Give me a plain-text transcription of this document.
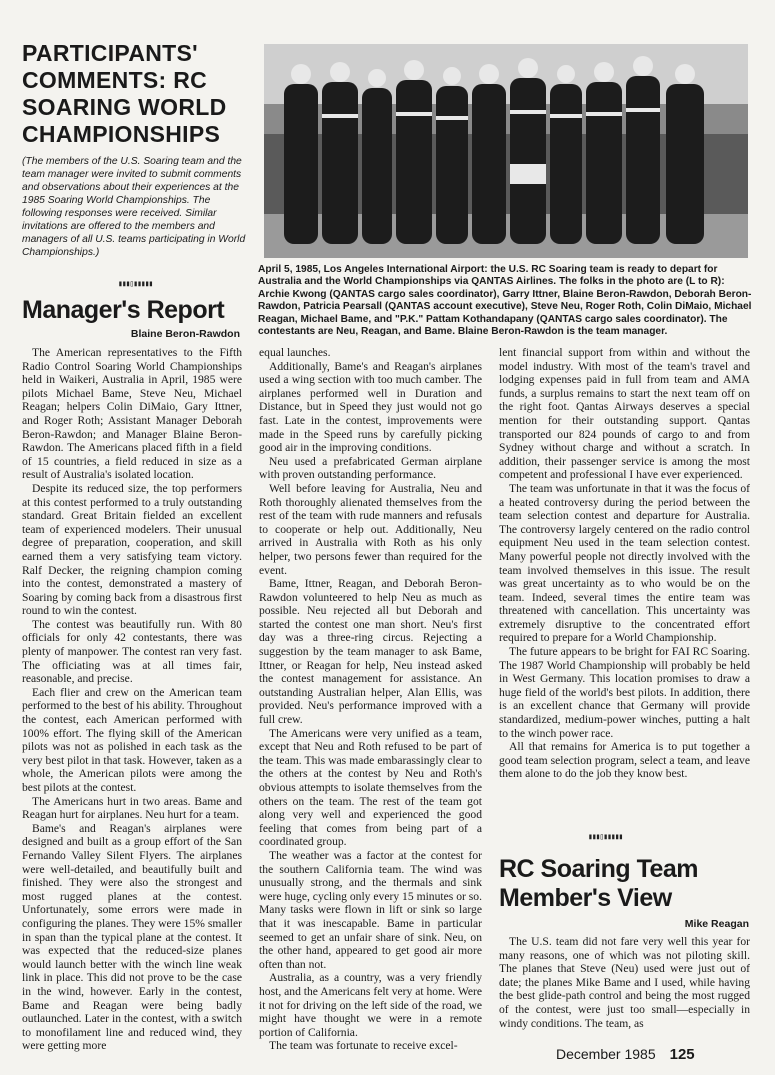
PARTICIPANTS' COMMENTS: RC SOARING WORLD CHAMPIONSHIPS
(The members of the U.S. Soaring team and the team manager were invited to submit comments and observations about their experiences at the 1985 Soaring World Championships. The following responses were received. Similar invitations are offered to the members and managers of all U.S. teams participating in World Championships.)
▮▮▮▯▮▮▮▮▮
April 5, 1985, Los Angeles International Airport: the U.S. RC Soaring team is ready to depart for Australia and the World Championships via QANTAS Airlines. The folks in the photo are (L to R): Archie Kwong (QANTAS cargo sales coordinator), Garry Ittner, Blaine Beron-Rawdon, Deborah Beron-Rawdon, Patricia Pearsall (QANTAS account executive), Steve Neu, Roger Roth, Colin DiMaio, Michael Reagan, Michael Bame, and "P.K." Pattam Kothandapany (QANTAS cargo sales coordinator). The contestants are Neu, Reagan, and Bame. Blaine Beron-Rawdon is the team manager.
Manager's Report
Blaine Beron-Rawdon

The American representatives to the Fifth Radio Control Soaring World Championships held in Waikeri, Australia in April, 1985 were pilots Michael Bame, Steve Neu, Michael Reagan; helpers Colin DiMaio, Gary Ittner, and Roger Roth; Assistant Manager Deborah Beron-Rawdon; and Manager Blaine Beron-Rawdon. The Americans placed fifth in a field of 15 countries, a field reduced in size as a result of Australia's isolated location.

Despite its reduced size, the top performers at this contest performed to a truly outstanding standard. Great Britain fielded an excellent team of experienced modelers. Their unusual degree of preparation, cooperation, and skill earned them a very satisfying team victory. Ralf Decker, the reigning champion coming into the contest, demonstrated a mastery of Soaring by coming back from a disastrous first round to win the contest.

The contest was beautifully run. With 80 officials for only 42 contestants, there was plenty of manpower. The contest ran very fast. The officiating was at all times fair, reasonable, and precise.

Each flier and crew on the American team performed to the best of his ability. Throughout the contest, each American performed with 100% effort. The flying skill of the American pilots was not as polished in each task as the very best pilot in that task. However, taken as a whole, the American pilots were among the best pilots at the contest.

The Americans hurt in two areas. Bame and Reagan hurt for airplanes. Neu hurt for a team.

Bame's and Reagan's airplanes were designed and built as a group effort of the San Fernando Valley Silent Flyers. The airplanes were well-detailed, and beautifully built and finished. They were also the strongest and most rugged planes at the contest. Unfortunately, some errors were made in configuring the planes. They were 15% smaller in span than the typical plane at the contest. It was expected that the reduced-size planes would launch better with the winch line weak link in place. This did not prove to be the case in the wind, however. Early in the contest, Bame and Reagan were being badly outlaunched. Later in the contest, with a switch to monofilament line and reduced wind, they were getting more

equal launches.

Additionally, Bame's and Reagan's airplanes used a wing section with too much camber. The airplanes performed well in Duration and Distance, but in Speed they just would not go fast. Late in the contest, improvements were made in the Speed runs by carefully picking good air in the improving conditions.

Neu used a prefabricated German airplane with proven outstanding performance.

Well before leaving for Australia, Neu and Roth thoroughly alienated themselves from the rest of the team with rude manners and refusals to cooperate or help out. Additionally, Neu arrived in Australia with Roth as his only helper, two persons fewer than required for the event.

Bame, Ittner, Reagan, and Deborah Beron-Rawdon volunteered to help Neu as much as possible. Neu rejected all but Deborah and started the contest one man short. Neu's first day was a three-ring circus. Rejecting a suggestion by the team manager to ask Bame, Ittner, or Reagan for help, Neu instead asked the contest management for assistance. An outstanding Australian helper, Alan Ellis, was provided. Neu's performance improved with a full crew.

The Americans were very unified as a team, except that Neu and Roth refused to be part of the team. This was made embarassingly clear to the others at the contest by Neu and Roth's obvious attempts to isolate themselves from the others on the team. The rest of the team got along very well and experienced the good feeling that comes from being part of a coordinated group.

The weather was a factor at the contest for the southern California team. The wind was unusually strong, and the thermals and sink were huge, cycling only every 15 minutes or so. Many tasks were flown in lift or sink so large that it was inescapable. Bame in particular seemed to get an unfair share of sink. Neu, on the other hand, appeared to get good air more often than not.

Australia, as a country, was a very friendly host, and the Americans felt very at home. Were it not for driving on the left side of the road, we might have thought we were in a remote portion of California.

The team was fortunate to receive excel-

lent financial support from within and without the model industry. With most of the team's travel and lodging expenses paid in full from team and AMA funds, a surplus remains to start the next team off on the right foot. Qantas Airways deserves a special mention for their outstanding support. Qantas transported our 824 pounds of cargo to and from Sydney without charge and without a scratch. In addition, their passenger service is among the most competent and professional I have ever experienced.

The team was unfortunate in that it was the focus of a heated controversy during the period between the team selection contest and departure for Australia. The controversy largely centered on the radio control equipment Neu used in the team selection contest. Many powerful people not directly involved with the team involved themselves in this issue. The result was great uncertainty as to who would be on the team. Indeed, several times the entire team was threatened with cancellation. This uncertainty was extremely disruptive to the concentrated effort required to prepare for a World Championship.

The future appears to be bright for FAI RC Soaring. The 1987 World Championship will probably be held in West Germany. This location promises to draw a huge field of the world's best pilots. In addition, there is an excellent chance that Germany will provide standardized, medium-power winches, putting a halt to the winch power race.

All that remains for America is to put together a good team selection program, select a team, and leave them alone to do the job they know best.

▮▮▮▯▮▮▮▮▮
RC Soaring Team Member's View
Mike Reagan

The U.S. team did not fare very well this year for many reasons, one of which was not piloting skill. The planes that Steve (Neu) used were just out of date; the planes Mike Bame and I used, while having the best glide-path control and being the most rugged of the contest, were just too small—especially in windy conditions. The team, as

December 1985 125
